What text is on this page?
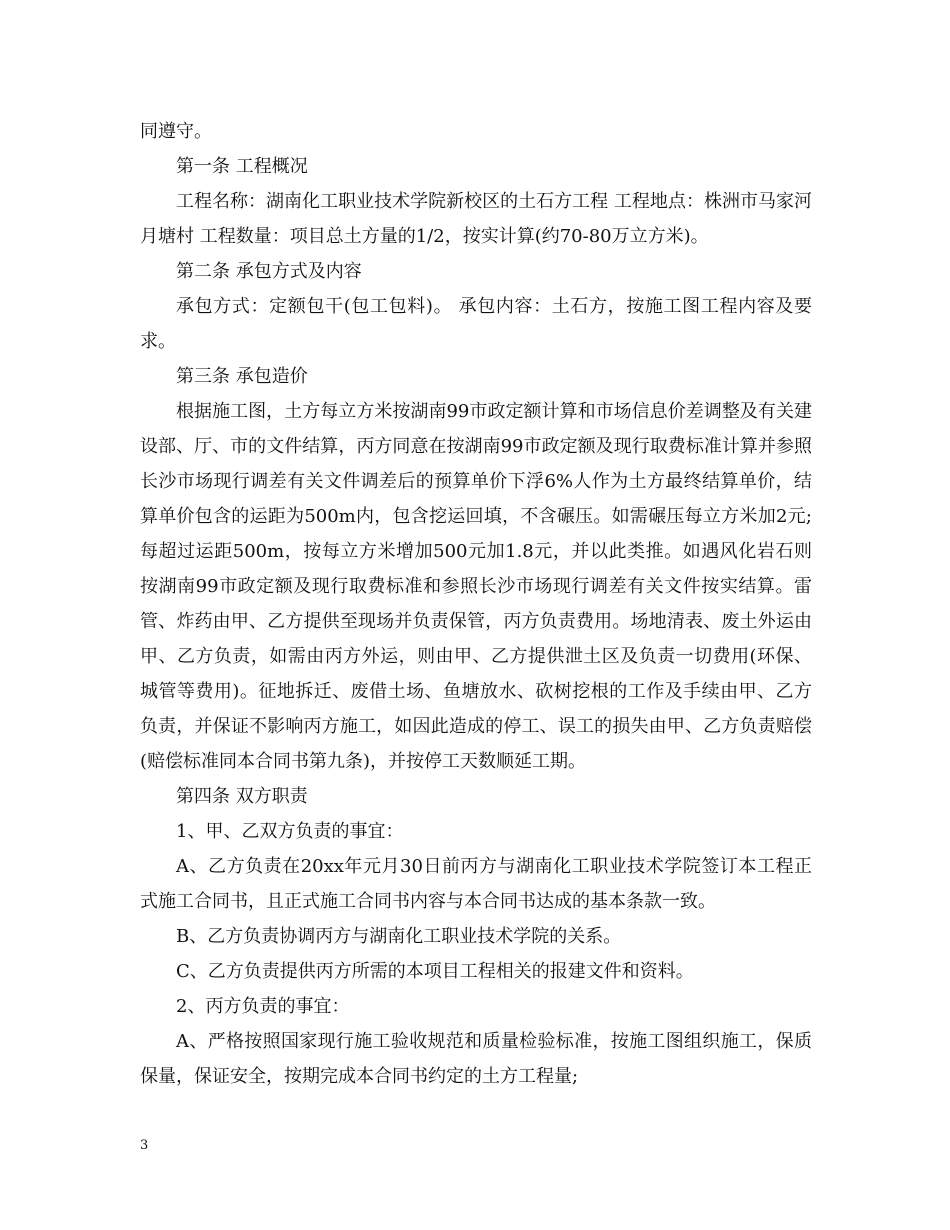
同遵守。

第一条 工程概况

工程名称：湖南化工职业技术学院新校区的土石方工程 工程地点：株洲市马家河月塘村 工程数量：项目总土方量的1/2，按实计算(约70-80万立方米)。

第二条 承包方式及内容

承包方式：定额包干(包工包料)。 承包内容：土石方，按施工图工程内容及要求。

第三条 承包造价

根据施工图，土方每立方米按湖南99市政定额计算和市场信息价差调整及有关建设部、厅、市的文件结算，丙方同意在按湖南99市政定额及现行取费标准计算并参照长沙市场现行调差有关文件调差后的预算单价下浮6%人作为土方最终结算单价，结算单价包含的运距为500m内，包含挖运回填，不含碾压。如需碾压每立方米加2元;每超过运距500m，按每立方米增加500元加1.8元，并以此类推。如遇风化岩石则按湖南99市政定额及现行取费标准和参照长沙市场现行调差有关文件按实结算。雷管、炸药由甲、乙方提供至现场并负责保管，丙方负责费用。场地清表、废土外运由甲、乙方负责，如需由丙方外运，则由甲、乙方提供泄土区及负责一切费用(环保、城管等费用)。征地拆迁、废借土场、鱼塘放水、砍树挖根的工作及手续由甲、乙方负责，并保证不影响丙方施工，如因此造成的停工、误工的损失由甲、乙方负责赔偿(赔偿标准同本合同书第九条)，并按停工天数顺延工期。

第四条 双方职责

1、甲、乙双方负责的事宜：

A、乙方负责在20xx年元月30日前丙方与湖南化工职业技术学院签订本工程正式施工合同书，且正式施工合同书内容与本合同书达成的基本条款一致。

B、乙方负责协调丙方与湖南化工职业技术学院的关系。

C、乙方负责提供丙方所需的本项目工程相关的报建文件和资料。

2、丙方负责的事宜：

A、严格按照国家现行施工验收规范和质量检验标准，按施工图组织施工，保质保量，保证安全，按期完成本合同书约定的土方工程量;

3
